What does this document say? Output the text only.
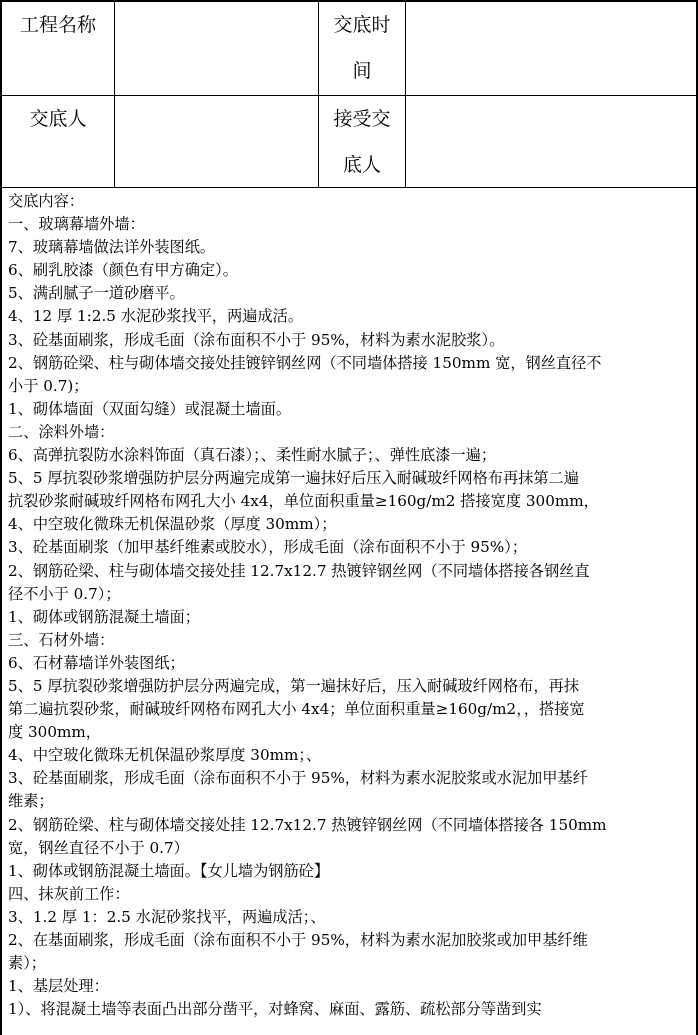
工程名称	交底时
间
交底人	接受交
底人
交底内容：
一、玻璃幕墙外墙：
7、玻璃幕墙做法详外装图纸。
6、刷乳胶漆（颜色有甲方确定）。
5、满刮腻子一道砂磨平。
4、12 厚 1:2.5 水泥砂浆找平，两遍成活。
3、砼基面刷浆，形成毛面（涂布面积不小于 95%，材料为素水泥胶浆）。
2、钢筋砼梁、柱与砌体墙交接处挂镀锌钢丝网（不同墙体搭接 150mm 宽，钢丝直径不
小于 0.7)；
1、砌体墙面（双面勾缝）或混凝土墙面。
二、涂料外墙：
6、高弹抗裂防水涂料饰面（真石漆）；、柔性耐水腻子；、弹性底漆一遍；
5、5 厚抗裂砂浆增强防护层分两遍完成第一遍抹好后压入耐碱玻纤网格布再抹第二遍
抗裂砂浆耐碱玻纤网格布网孔大小 4x4，单位面积重量≥160g/m2 搭接宽度 300mm，
4、中空玻化微珠无机保温砂浆（厚度 30mm）；
3、砼基面刷浆（加甲基纤维素或胶水），形成毛面（涂布面积不小于 95%）；
2、钢筋砼梁、柱与砌体墙交接处挂 12.7x12.7 热镀锌钢丝网（不同墙体搭接各钢丝直
径不小于 0.7）；
1、砌体或钢筋混凝土墙面；
三、石材外墙：
6、石材幕墙详外装图纸；
5、5 厚抗裂砂浆增强防护层分两遍完成，第一遍抹好后，压入耐碱玻纤网格布，再抹
第二遍抗裂砂浆，耐碱玻纤网格布网孔大小 4x4；单位面积重量≥160g/m2，，搭接宽
度 300mm，
4、中空玻化微珠无机保温砂浆厚度 30mm；、
3、砼基面刷浆，形成毛面（涂布面积不小于 95%，材料为素水泥胶浆或水泥加甲基纤
维素；
2、钢筋砼梁、柱与砌体墙交接处挂 12.7x12.7 热镀锌钢丝网（不同墙体搭接各 150mm
宽，钢丝直径不小于 0.7）
1、砌体或钢筋混凝土墙面。【女儿墙为钢筋砼】
四、抹灰前工作：
3、1.2 厚 1：2.5 水泥砂浆找平，两遍成活；、
2、在基面刷浆，形成毛面（涂布面积不小于 95%，材料为素水泥加胶浆或加甲基纤维
素）；
1、基层处理：
1）、将混凝土墙等表面凸出部分凿平，对蜂窝、麻面、露筋、疏松部分等凿到实
